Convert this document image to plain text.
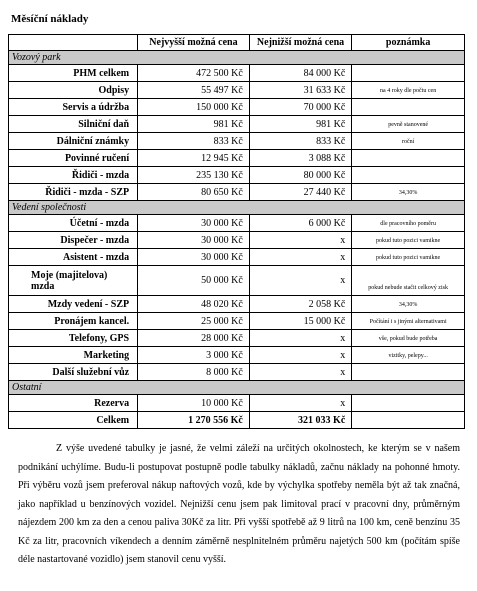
Měsíční náklady
	Nejvyšší možná cena	Nejnižší možná cena	poznámka
Vozový park			
PHM celkem	472 500 Kč	84 000 Kč	
Odpisy	55 497 Kč	31 633 Kč	na 4 roky dle počtu cen
Servis a údržba	150 000 Kč	70 000 Kč	
Silniční daň	981 Kč	981 Kč	pevně stanovené
Dálniční známky	833 Kč	833 Kč	roční
Povinné ručení	12 945 Kč	3 088 Kč	
Řidiči - mzda	235 130 Kč	80 000 Kč	
Řidiči - mzda - SZP	80 650 Kč	27 440 Kč	34,30%
Vedení společnosti			
Účetní - mzda	30 000 Kč	6 000 Kč	dle pracovního poměru
Dispečer - mzda	30 000 Kč	x	pokud tuto pozici vamikne
Asistent - mzda	30 000 Kč	x	pokud tuto pozici vamikne
Moje (majitelova) mzda	50 000 Kč	x	pokud nebude stačit celkový zisk
Mzdy vedení - SZP	48 020 Kč	2 058 Kč	34,30%
Pronájem kancel.	25 000 Kč	15 000 Kč	Počítání i s jinými alternativami
Telefony, GPS	28 000 Kč	x	vše, pokud bude potřeba
Marketing	3 000 Kč	x	vizitky, pelepy...
Další služební vůz	8 000 Kč	x	
Ostatní			
Rezerva	10 000 Kč	x	
Celkem	1 270 556 Kč	321 033 Kč	

Z výše uvedené tabulky je jasné, že velmi záleží na určitých okolnostech, ke kterým se v našem podnikání uchýlíme. Budu-li postupovat postupně podle tabulky nákladů, začnu náklady na pohonné hmoty. Při výběru vozů jsem preferoval nákup naftových vozů, kde by výchylka spotřeby neměla být až tak značná, jako například u benzínových vozidel. Nejnižší cenu jsem pak limitoval prací v pracovní dny, průměrným nájezdem 200 km za den a cenou paliva 30Kč za litr. Při vyšší spotřebě až 9 litrů na 100 km, ceně benzínu 35 Kč za litr, pracovních víkendech a denním záměrně nesplnitelném průměru najetých 500 km (počítám spíše déle nastartované vozidlo) jsem stanovil cenu vyšší.
